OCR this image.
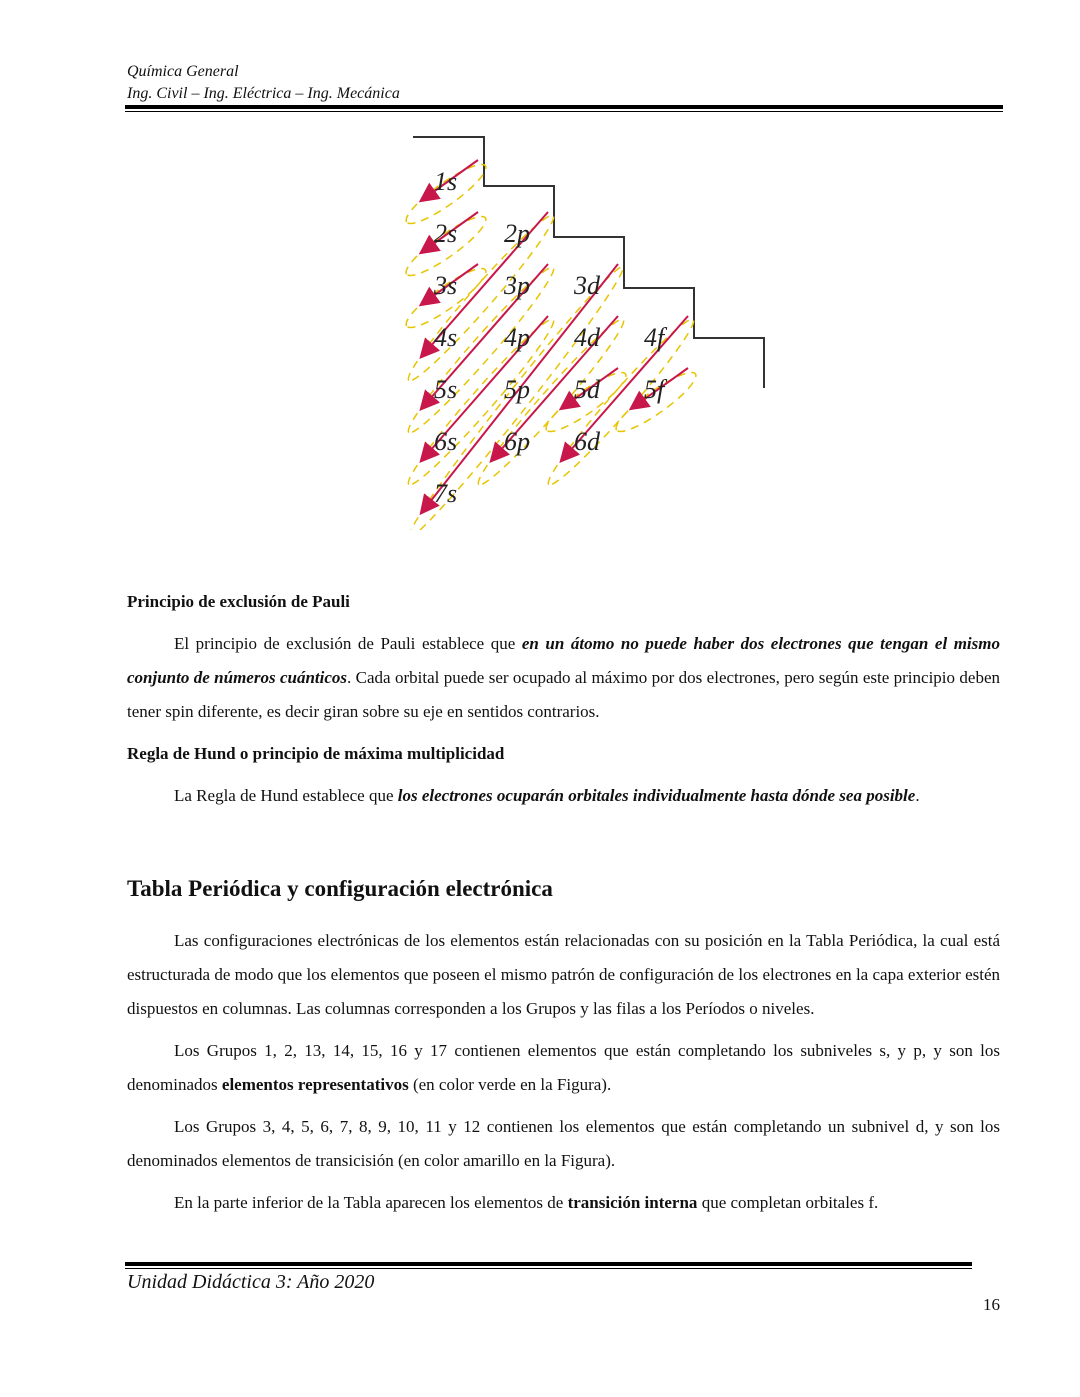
Química General
Ing. Civil – Ing. Eléctrica – Ing. Mecánica
1s
2s 2p
3s 3p 3d
4s 4p 4d 4f
5s 5p 5d 5f
6s 6p 6d
7s
Principio de exclusión de Pauli

El principio de exclusión de Pauli establece que en un átomo no puede haber dos electrones que tengan el mismo conjunto de números cuánticos. Cada orbital puede ser ocupado al máximo por dos electrones, pero según este principio deben tener spin diferente, es decir giran sobre su eje en sentidos contrarios.

Regla de Hund o principio de máxima multiplicidad

La Regla de Hund establece que los electrones ocuparán orbitales individualmente hasta dónde sea posible.

Tabla Periódica y configuración electrónica

Las configuraciones electrónicas de los elementos están relacionadas con su posición en la Tabla Periódica, la cual está estructurada de modo que los elementos que poseen el mismo patrón de configuración de los electrones en la capa exterior estén dispuestos en columnas. Las columnas corresponden a los Grupos y las filas a los Períodos o niveles.

Los Grupos 1, 2, 13, 14, 15, 16 y 17 contienen elementos que están completando los subniveles s, y p, y son los denominados elementos representativos (en color verde en la Figura).

Los Grupos 3, 4, 5, 6, 7, 8, 9, 10, 11 y 12 contienen los elementos que están completando un subnivel d, y son los denominados elementos de transicisión (en color amarillo en la Figura).

En la parte inferior de la Tabla aparecen los elementos de transición interna que completan orbitales f.

Unidad Didáctica 3: Año 2020
16
